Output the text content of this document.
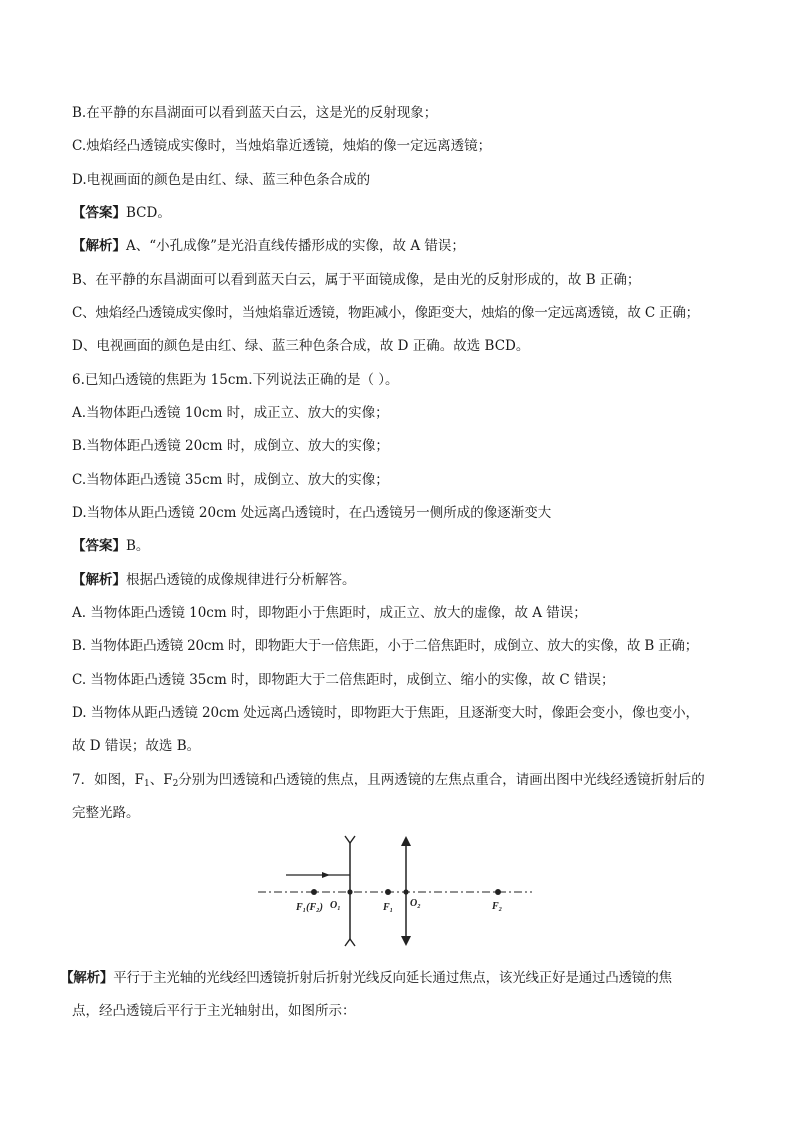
B.在平静的东昌湖面可以看到蓝天白云，这是光的反射现象；
C.烛焰经凸透镜成实像时，当烛焰靠近透镜，烛焰的像一定远离透镜；
D.电视画面的颜色是由红、绿、蓝三种色条合成的
【答案】BCD。
【解析】A、“小孔成像”是光沿直线传播形成的实像，故 A 错误；
B、在平静的东昌湖面可以看到蓝天白云，属于平面镜成像，是由光的反射形成的，故 B 正确；
C、烛焰经凸透镜成实像时，当烛焰靠近透镜，物距减小，像距变大，烛焰的像一定远离透镜，故 C 正确；
D、电视画面的颜色是由红、绿、蓝三种色条合成，故 D 正确。故选 BCD。
6.已知凸透镜的焦距为 15cm.下列说法正确的是（ ）。
A.当物体距凸透镜 10cm 时，成正立、放大的实像；
B.当物体距凸透镜 20cm 时，成倒立、放大的实像；
C.当物体距凸透镜 35cm 时，成倒立、放大的实像；
D.当物体从距凸透镜 20cm 处远离凸透镜时，在凸透镜另一侧所成的像逐渐变大
【答案】B。
【解析】根据凸透镜的成像规律进行分析解答。
A. 当物体距凸透镜 10cm 时，即物距小于焦距时，成正立、放大的虚像，故 A 错误；
B. 当物体距凸透镜 20cm 时，即物距大于一倍焦距，小于二倍焦距时，成倒立、放大的实像，故 B 正确；
C. 当物体距凸透镜 35cm 时，即物距大于二倍焦距时，成倒立、缩小的实像，故 C 错误；
D. 当物体从距凸透镜 20cm 处远离凸透镜时，即物距大于焦距，且逐渐变大时，像距会变小，像也变小，
故 D 错误；故选 B。
7．如图，$F_1$、$F_2$分别为凹透镜和凸透镜的焦点，且两透镜的左焦点重合，请画出图中光线经透镜折射后的
完整光路。
F₁(F₂) O₁	F₁ O₂	F₂
【解析】平行于主光轴的光线经凹透镜折射后折射光线反向延长通过焦点，该光线正好是通过凸透镜的焦
点，经凸透镜后平行于主光轴射出，如图所示：
